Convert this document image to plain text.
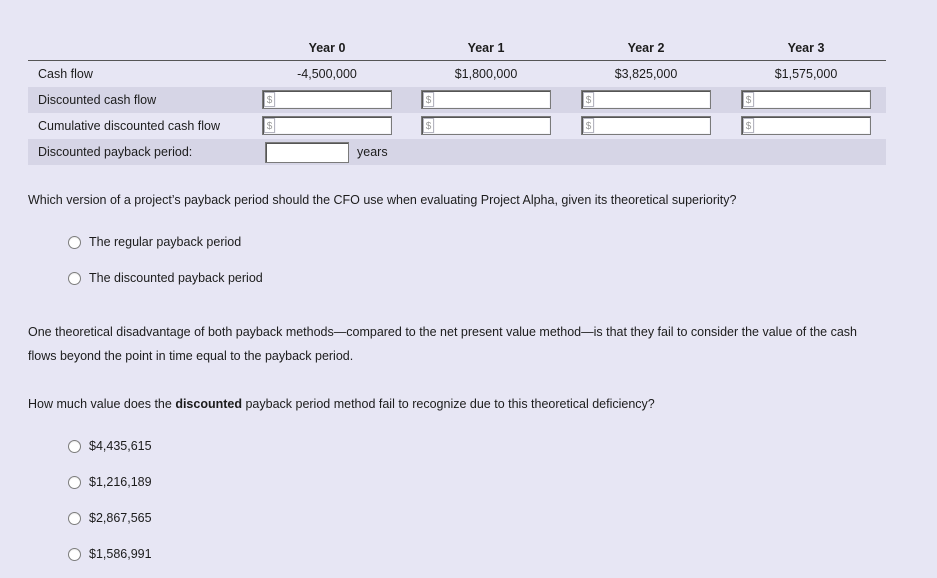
Year 0	Year 1	Year 2	Year 3
Cash flow	-4,500,000	$1,800,000	$3,825,000	$1,575,000
Discounted cash flow	$	$	$	$
Cumulative discounted cash flow	$	$	$	$
Discounted payback period:	years
Which version of a project’s payback period should the CFO use when evaluating Project Alpha, given its theoretical superiority?
The regular payback period
The discounted payback period
One theoretical disadvantage of both payback methods—compared to the net present value method—is that they fail to consider the value of the cash
flows beyond the point in time equal to the payback period.
How much value does the discounted payback period method fail to recognize due to this theoretical deficiency?
$4,435,615
$1,216,189
$2,867,565
$1,586,991
